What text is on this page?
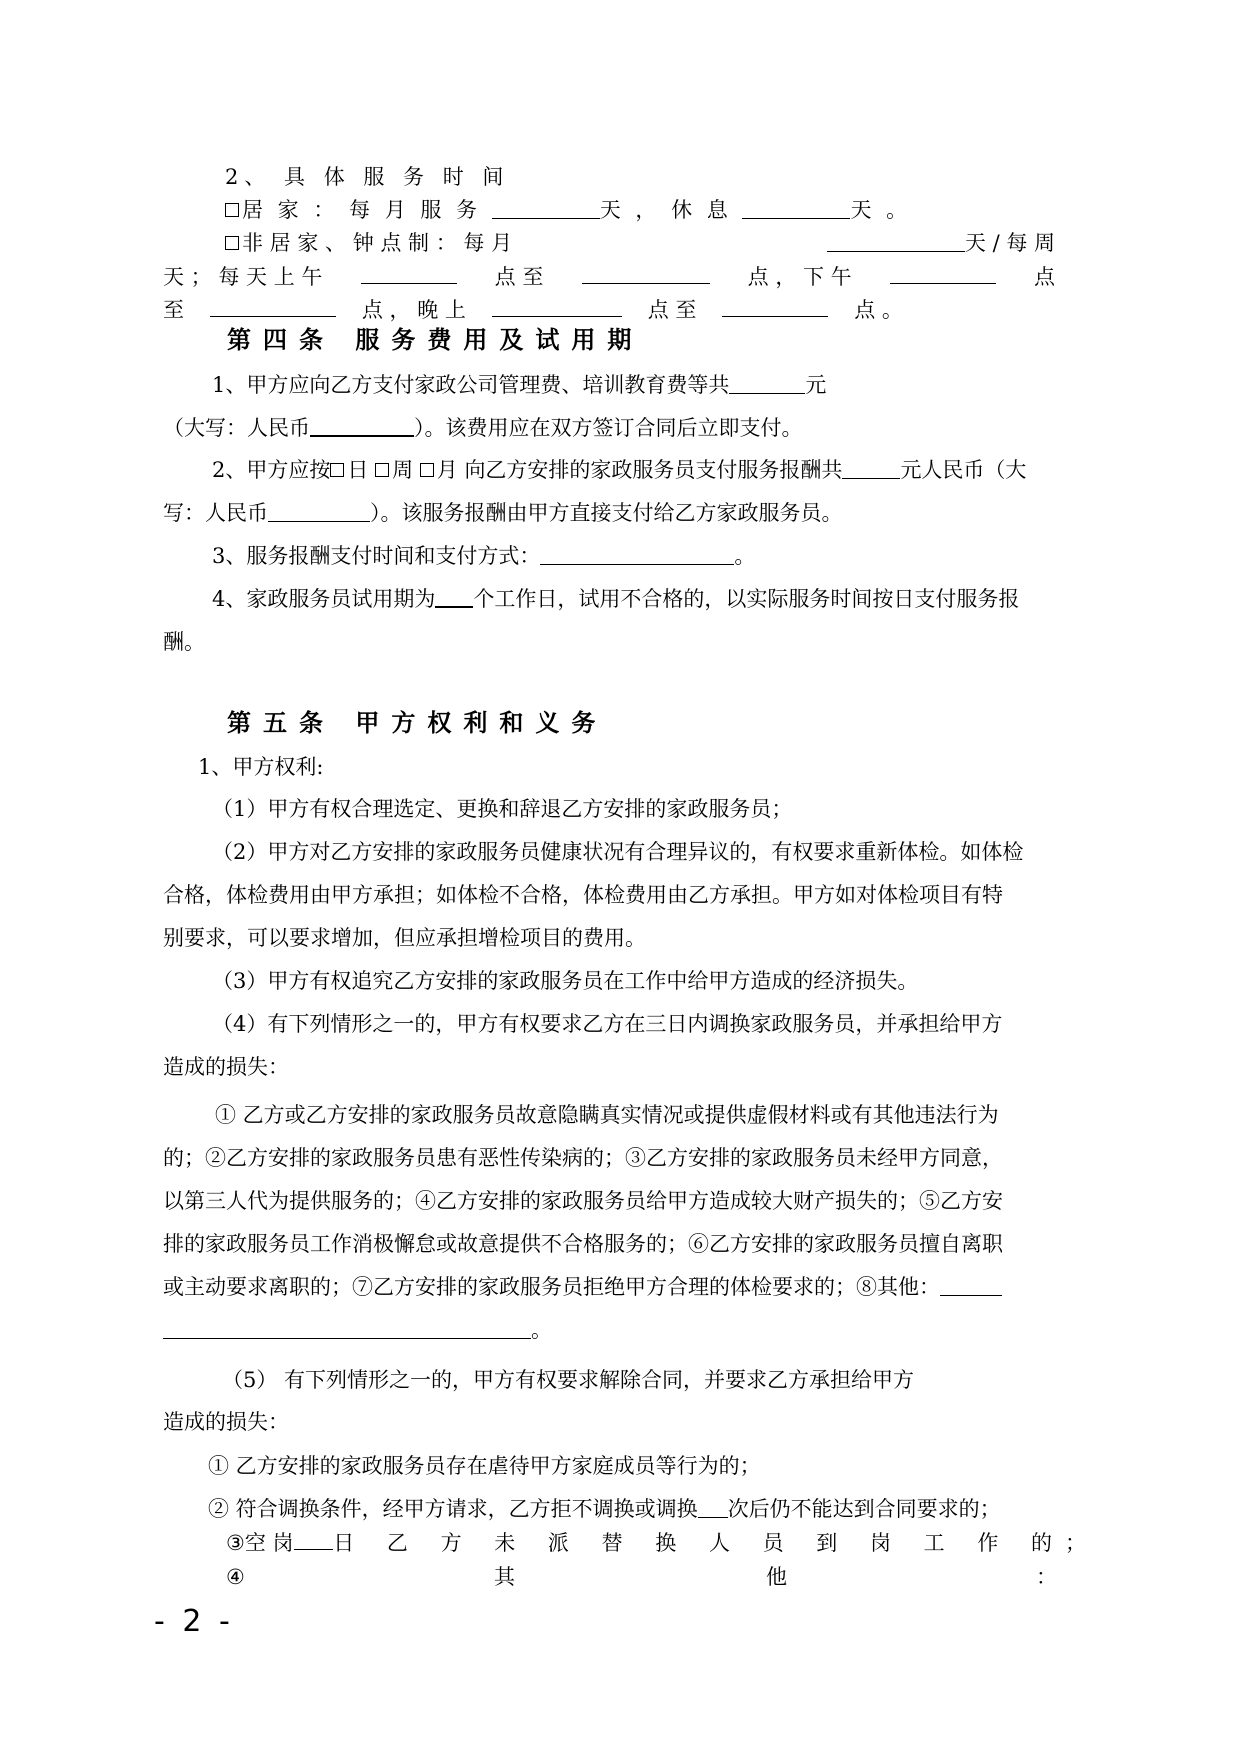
2、 具 体 服 务 时 间
居 家 ： 每 月 服 务	天 ， 休 息	天 。
非 居 家 、 钟 点 制 ： 每 月	天 / 每 周
天 ； 每 天 上 午	点 至	点 ， 下 午	点
至	点 ， 晚 上	点 至	点 。
第四条 服务费用及试用期
1、甲方应向乙方支付家政公司管理费、培训教育费等共	元
（大写：人民币	）。该费用应在双方签订合同后立即支付。
2、甲方应按 日 周 月 向乙方安排的家政服务员支付服务报酬共	元人民币（大
写：人民币	）。该服务报酬由甲方直接支付给乙方家政服务员。
3、服务报酬支付时间和支付方式：	。
4、家政服务员试用期为 个工作日，试用不合格的，以实际服务时间按日支付服务报
酬。
第五条 甲方权利和义务
1、甲方权利:
（1）甲方有权合理选定、更换和辞退乙方安排的家政服务员；
（2）甲方对乙方安排的家政服务员健康状况有合理异议的，有权要求重新体检。如体检
合格，体检费用由甲方承担；如体检不合格，体检费用由乙方承担。甲方如对体检项目有特
别要求，可以要求增加，但应承担增检项目的费用。
（3）甲方有权追究乙方安排的家政服务员在工作中给甲方造成的经济损失。
（4）有下列情形之一的，甲方有权要求乙方在三日内调换家政服务员，并承担给甲方
造成的损失：
① 乙方或乙方安排的家政服务员故意隐瞒真实情况或提供虚假材料或有其他违法行为
的；②乙方安排的家政服务员患有恶性传染病的；③乙方安排的家政服务员未经甲方同意，
以第三人代为提供服务的；④乙方安排的家政服务员给甲方造成较大财产损失的；⑤乙方安
排的家政服务员工作消极懈怠或故意提供不合格服务的；⑥乙方安排的家政服务员擅自离职
或主动要求离职的；⑦乙方安排的家政服务员拒绝甲方合理的体检要求的；⑧其他：
。
（5） 有下列情形之一的，甲方有权要求解除合同，并要求乙方承担给甲方
造成的损失：
① 乙方安排的家政服务员存在虐待甲方家庭成员等行为的；
② 符合调换条件，经甲方请求，乙方拒不调换或调换 次后仍不能达到合同要求的；
③ 空 岗 日 乙 方 未 派 替 换 人 员 到 岗 工 作 的 ；
④	其	他	：
- 2 -
